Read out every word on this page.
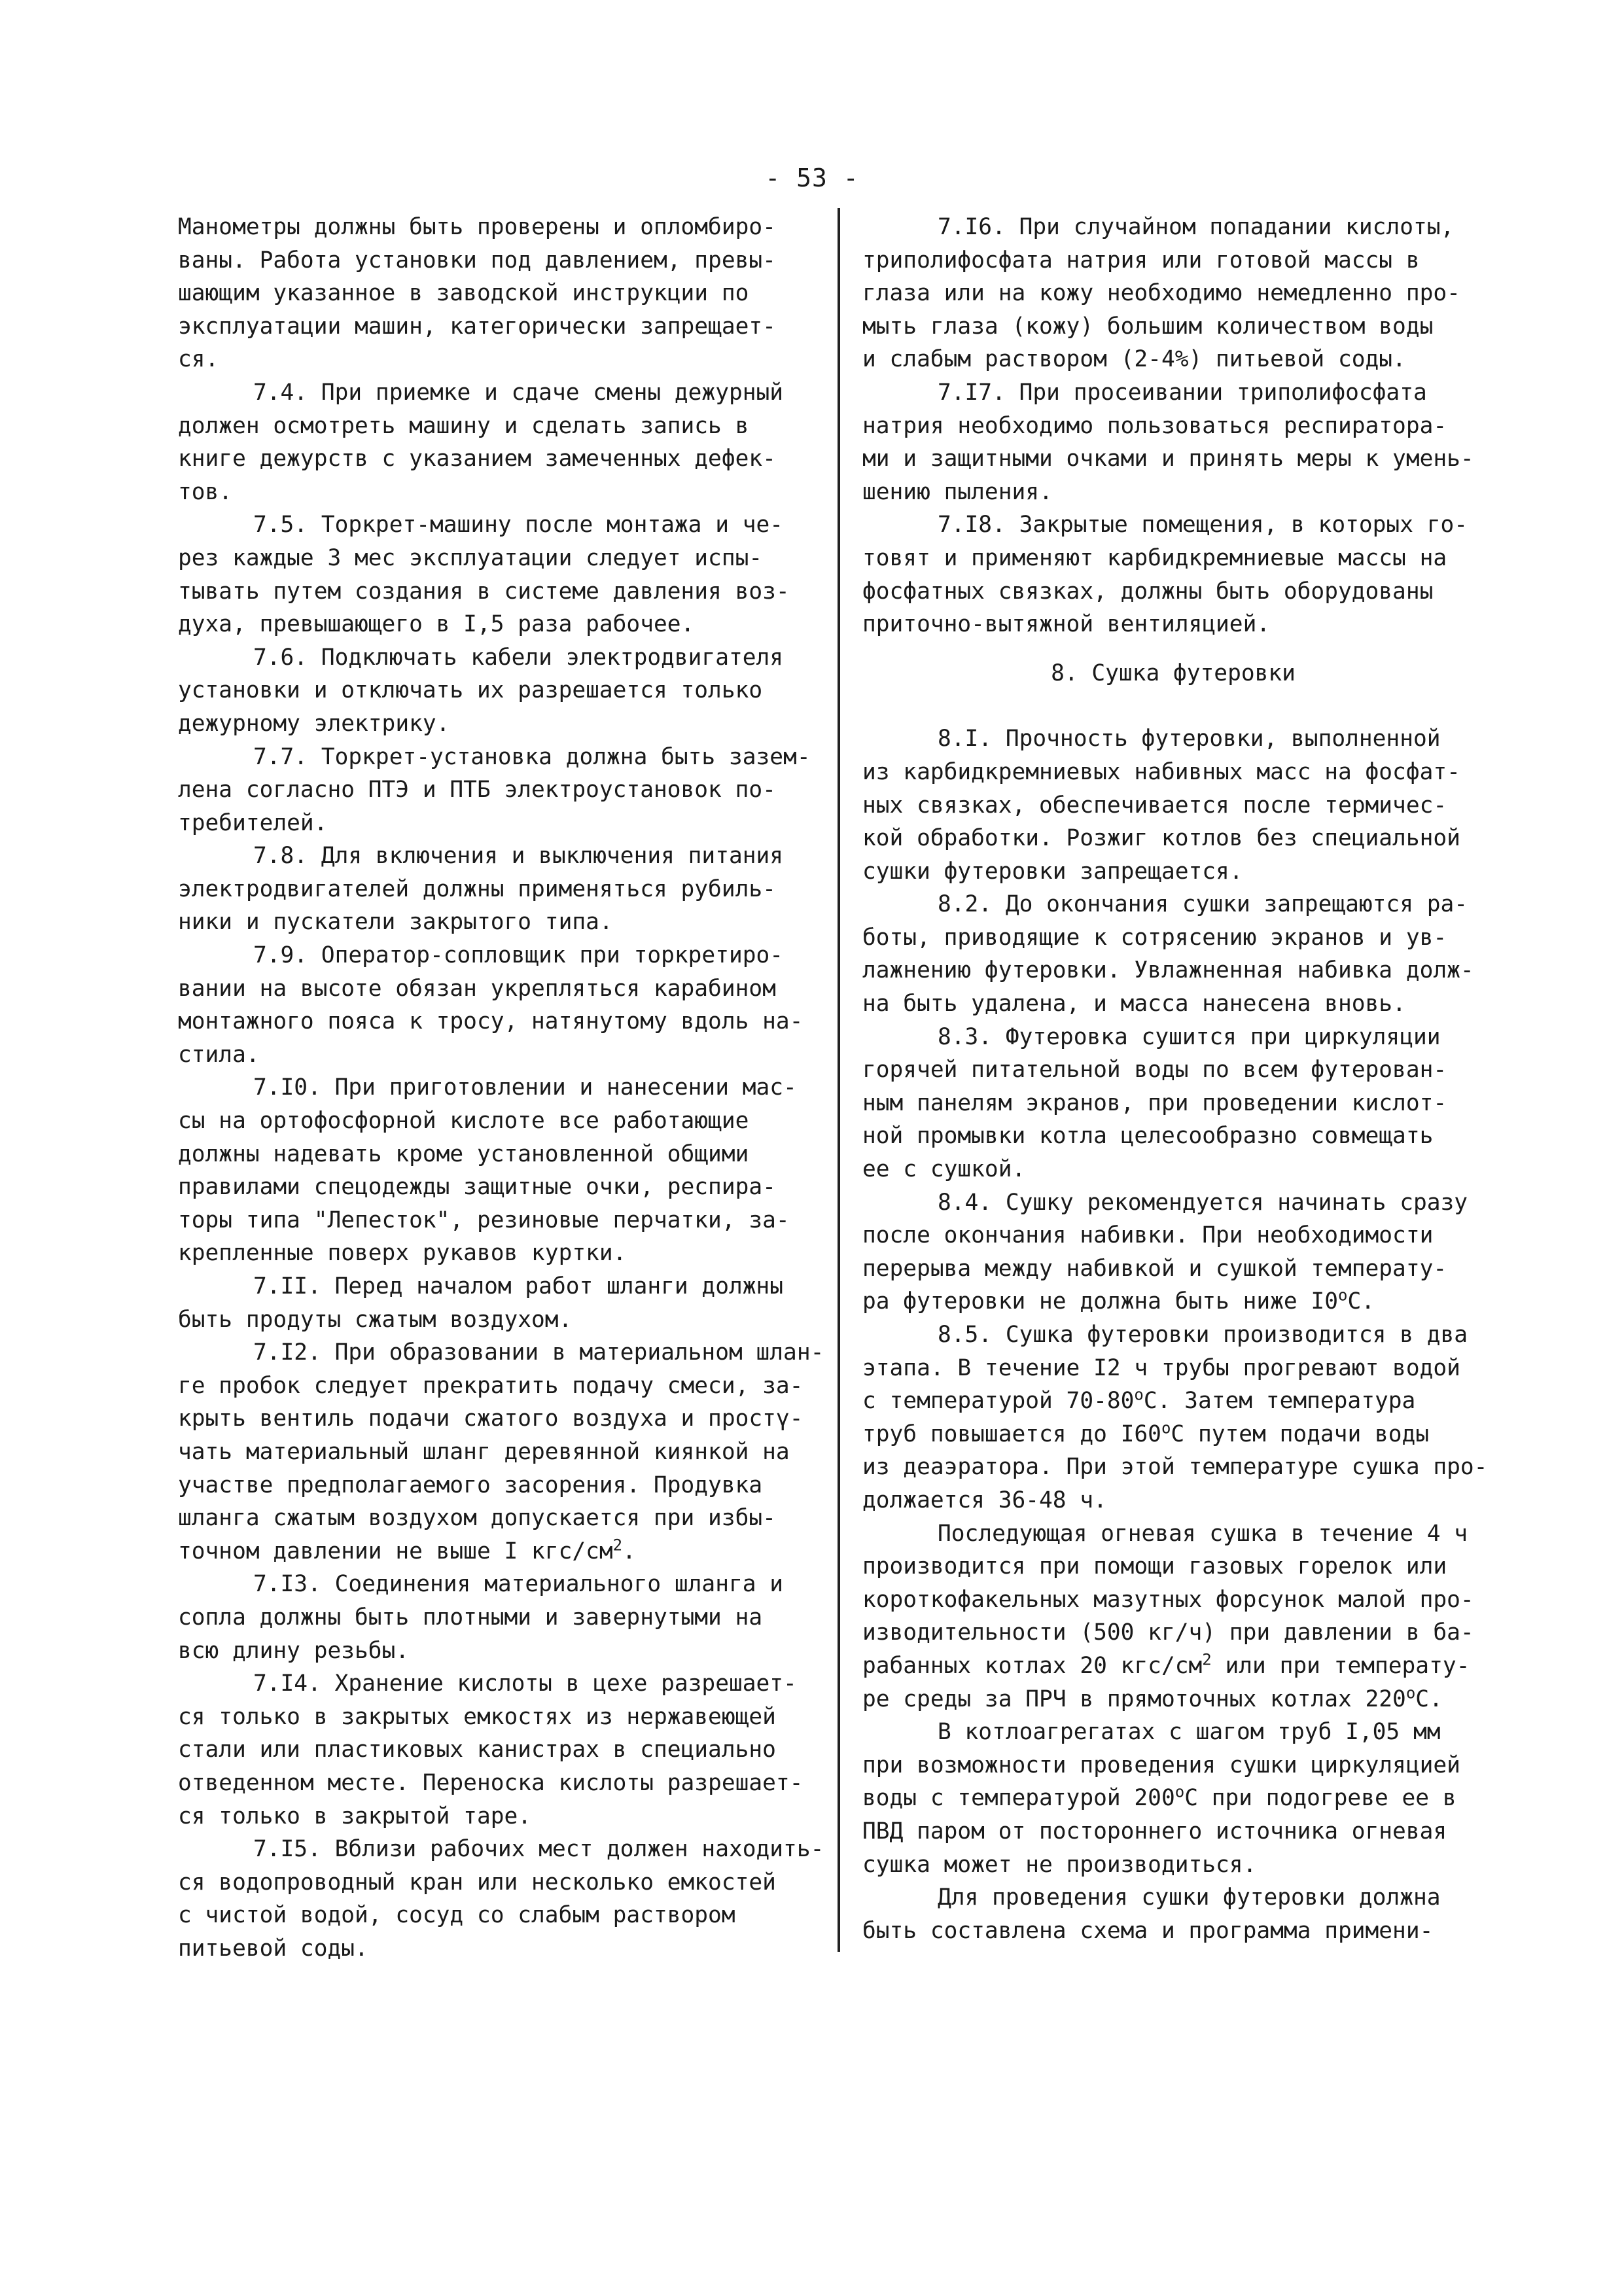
- 53 -
Манометры должны быть проверены и опломбиро-
ваны. Работа установки под давлением, превы-
шающим указанное в заводской инструкции по
эксплуатации машин, категорически запрещает-
ся.
7.4. При приемке и сдаче смены дежурный
должен осмотреть машину и сделать запись в
книге дежурств с указанием замеченных дефек-
тов.
7.5. Торкрет-машину после монтажа и че-
рез каждые 3 мес эксплуатации следует испы-
тывать путем создания в системе давления воз-
духа, превышающего в I,5 раза рабочее.
7.6. Подключать кабели электродвигателя
установки и отключать их разрешается только
дежурному электрику.
7.7. Торкрет-установка должна быть зазем-
лена согласно ПТЭ и ПТБ электроустановок по-
требителей.
7.8. Для включения и выключения питания
электродвигателей должны применяться рубиль-
ники и пускатели закрытого типа.
7.9. Оператор-сопловщик при торкретиро-
вании на высоте обязан укрепляться карабином
монтажного пояса к тросу, натянутому вдоль на-
стила.
7.I0. При приготовлении и нанесении мас-
сы на ортофосфорной кислоте все работающие
должны надевать кроме установленной общими
правилами спецодежды защитные очки, респира-
торы типа "Лепесток", резиновые перчатки, за-
крепленные поверх рукавов куртки.
7.II. Перед началом работ шланги должны
быть продуты сжатым воздухом.
7.I2. При образовании в материальном шлан-
ге пробок следует прекратить подачу смеси, за-
крыть вентиль подачи сжатого воздуха и простү-
чать материальный шланг деревянной киянкой на
участве предполагаемого засорения. Продувка
шланга сжатым воздухом допускается при избы-
точном давлении не выше I кгс/$см^2$.
7.I3. Соединения материального шланга и
сопла должны быть плотными и завернутыми на
всю длину резьбы.
7.I4. Хранение кислоты в цехе разрешает-
ся только в закрытых емкостях из нержавеющей
стали или пластиковых канистрах в специально
отведенном месте. Переноска кислоты разрешает-
ся только в закрытой таре.
7.I5. Вблизи рабочих мест должен находить-
ся водопроводный кран или несколько емкостей
с чистой водой, сосуд со слабым раствором
питьевой соды.
7.I6. При случайном попадании кислоты,
триполифосфата натрия или готовой массы в
глаза или на кожу необходимо немедленно про-
мыть глаза (кожу) большим количеством воды
и слабым раствором (2-4%) питьевой соды.
7.I7. При просеивании триполифосфата
натрия необходимо пользоваться респиратора-
ми и защитными очками и принять меры к умень-
шению пыления.
7.I8. Закрытые помещения, в которых го-
товят и применяют карбидкремниевые массы на
фосфатных связках, должны быть оборудованы
приточно-вытяжной вентиляцией.
8. Сушка футеровки
8.I. Прочность футеровки, выполненной
из карбидкремниевых набивных масс на фосфат-
ных связках, обеспечивается после термичес-
кой обработки. Розжиг котлов без специальной
сушки футеровки запрещается.
8.2. До окончания сушки запрещаются ра-
боты, приводящие к сотрясению экранов и ув-
лажнению футеровки. Увлажненная набивка долж-
на быть удалена, и масса нанесена вновь.
8.3. Футеровка сушится при циркуляции
горячей питательной воды по всем футерован-
ным панелям экранов, при проведении кислот-
ной промывки котла целесообразно совмещать
ее с сушкой.
8.4. Сушку рекомендуется начинать сразу
после окончания набивки. При необходимости
перерыва между набивкой и сушкой температу-
ра футеровки не должна быть ниже $I0^оС$.
8.5. Сушка футеровки производится в два
этапа. В течение I2 ч трубы прогревают водой
с температурой $70-80^оС$. Затем температура
труб повышается до $I60^оС$ путем подачи воды
из деаэратора. При этой температуре сушка про-
должается 36-48 ч.
Последующая огневая сушка в течение 4 ч
производится при помощи газовых горелок или
короткофакельных мазутных форсунок малой про-
изводительности (500 кг/ч) при давлении в ба-
рабанных котлах 20 кгс/$см^2$ или при температу-
ре среды за ПРЧ в прямоточных котлах $220^оС$.
В котлоагрегатах с шагом труб I,05 мм
при возможности проведения сушки циркуляцией
воды с температурой $200^оС$ при подогреве ее в
ПВД паром от постороннего источника огневая
сушка может не производиться.
Для проведения сушки футеровки должна
быть составлена схема и программа примени-
